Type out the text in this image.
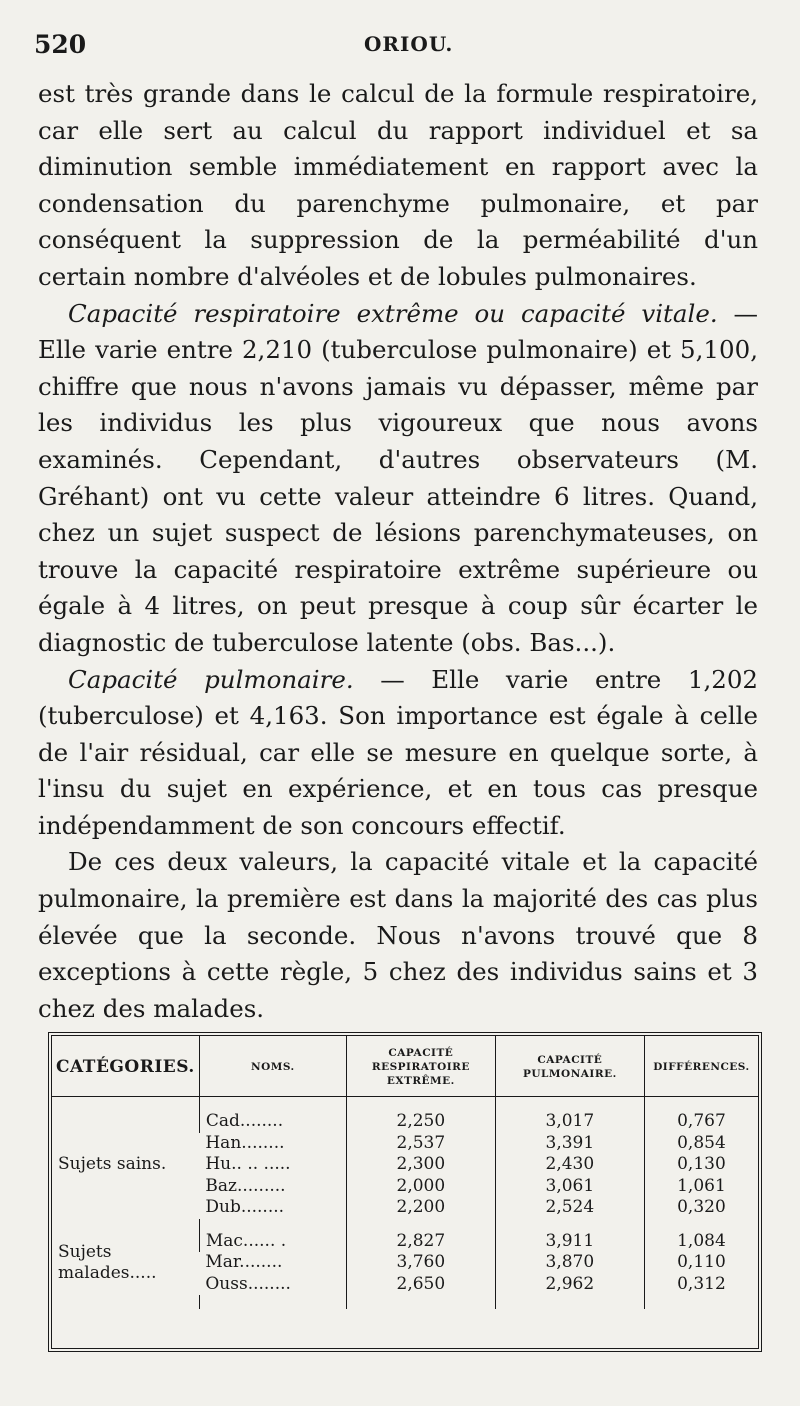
520	ORIOU.

est très grande dans le calcul de la formule respiratoire, car elle sert au calcul du rapport individuel et sa diminution semble immédiatement en rapport avec la condensation du parenchyme pulmonaire, et par conséquent la suppression de la perméabilité d'un certain nombre d'alvéoles et de lobules pulmonaires.

Capacité respiratoire extrême ou capacité vitale. — Elle varie entre 2,210 (tuberculose pulmonaire) et 5,100, chiffre que nous n'avons jamais vu dépasser, même par les individus les plus vigoureux que nous avons examinés. Cependant, d'autres observateurs (M. Gréhant) ont vu cette valeur atteindre 6 litres. Quand, chez un sujet suspect de lésions parenchymateuses, on trouve la capacité respiratoire extrême supérieure ou égale à 4 litres, on peut presque à coup sûr écarter le diagnostic de tuberculose latente (obs. Bas...).

Capacité pulmonaire. — Elle varie entre 1,202 (tuberculose) et 4,163. Son importance est égale à celle de l'air résidual, car elle se mesure en quelque sorte, à l'insu du sujet en expérience, et en tous cas presque indépendamment de son concours effectif.

De ces deux valeurs, la capacité vitale et la capacité pulmonaire, la première est dans la majorité des cas plus élevée que la seconde. Nous n'avons trouvé que 8 exceptions à cette règle, 5 chez des individus sains et 3 chez des malades.

CATÉGORIES.	NOMS.	CAPACITÉ RESPIRATOIRE EXTRÊME.	CAPACITÉ PULMONAIRE.	DIFFÉRENCES.

Sujets sains.	Cad........	2,250	3,017	0,767
	Han........	2,537	3,391	0,854
	Hu.. .. .....	2,300	2,430	0,130
	Baz.........	2,000	3,061	1,061
	Dub........	2,200	2,524	0,320

Sujets malades.....	Mac...... .	2,827	3,911	1,084
	Mar........	3,760	3,870	0,110
	Ouss........	2,650	2,962	0,312
